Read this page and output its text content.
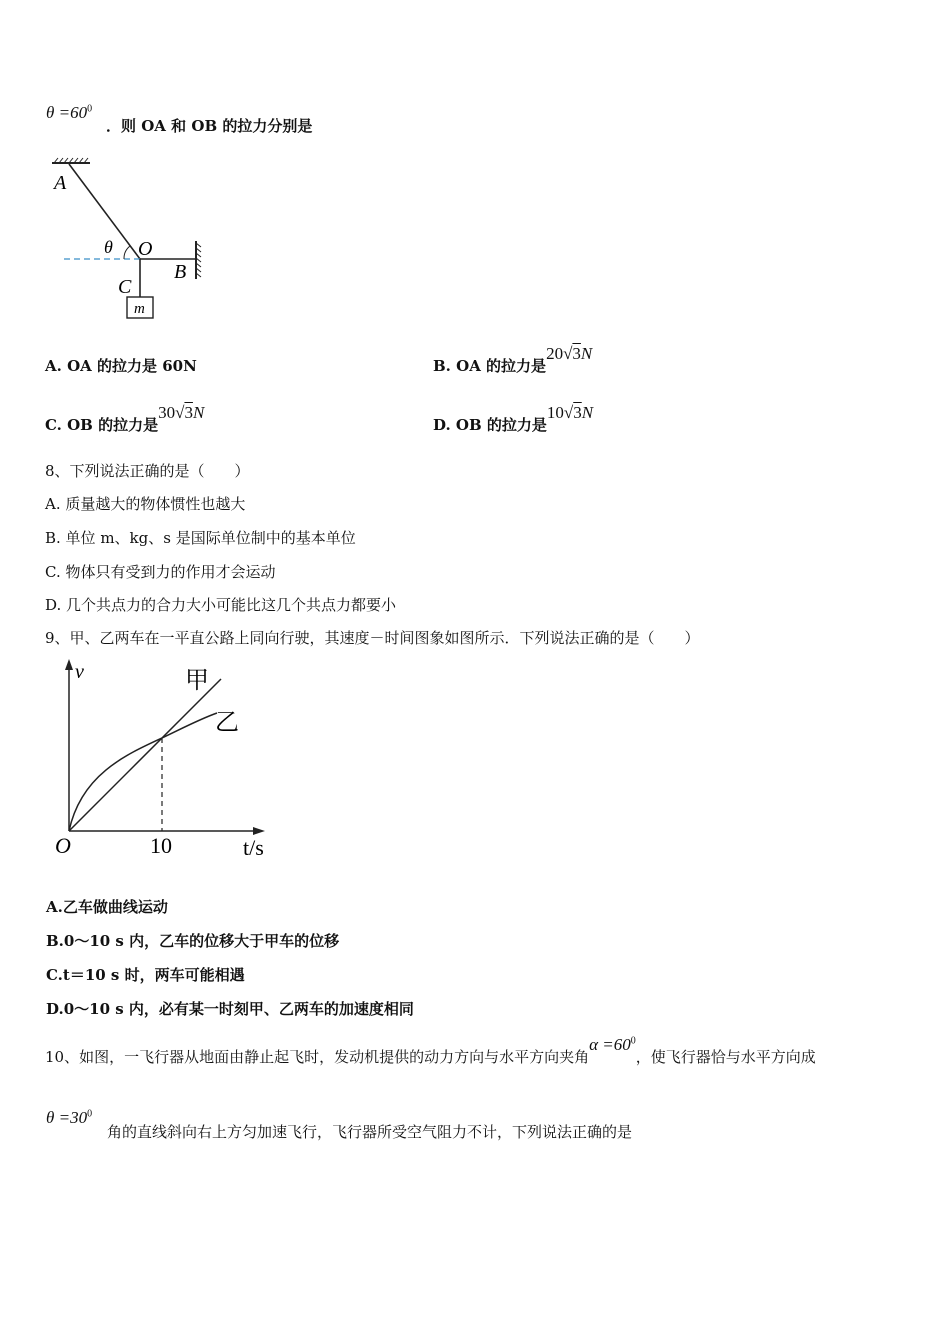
$\theta =60^0$
．则 OA 和 OB 的拉力分别是
A
O
θ
B
C
m
A. OA 的拉力是 60N	B. OA 的拉力是20√3N
C. OB 的拉力是30√3N
D. OB 的拉力是10√3N
8、下列说法正确的是（　　）
A. 质量越大的物体惯性也越大
B. 单位 m、kg、s 是国际单位制中的基本单位
C. 物体只有受到力的作用才会运动
D. 几个共点力的合力大小可能比这几个共点力都要小
9、甲、乙两车在一平直公路上同向行驶，其速度－时间图象如图所示．下列说法正确的是（　　）
v
O	10	t/s
甲
乙
A.乙车做曲线运动
B.0～10 s 内，乙车的位移大于甲车的位移
C.t＝10 s 时，两车可能相遇
D.0～10 s 内，必有某一时刻甲、乙两车的加速度相同
10、如图，一飞行器从地面由静止起飞时，发动机提供的动力方向与水平方向夹角$\alpha =60^0$，使飞行器恰与水平方向成
$\theta =30^0$
角的直线斜向右上方匀加速飞行，飞行器所受空气阻力不计，下列说法正确的是
